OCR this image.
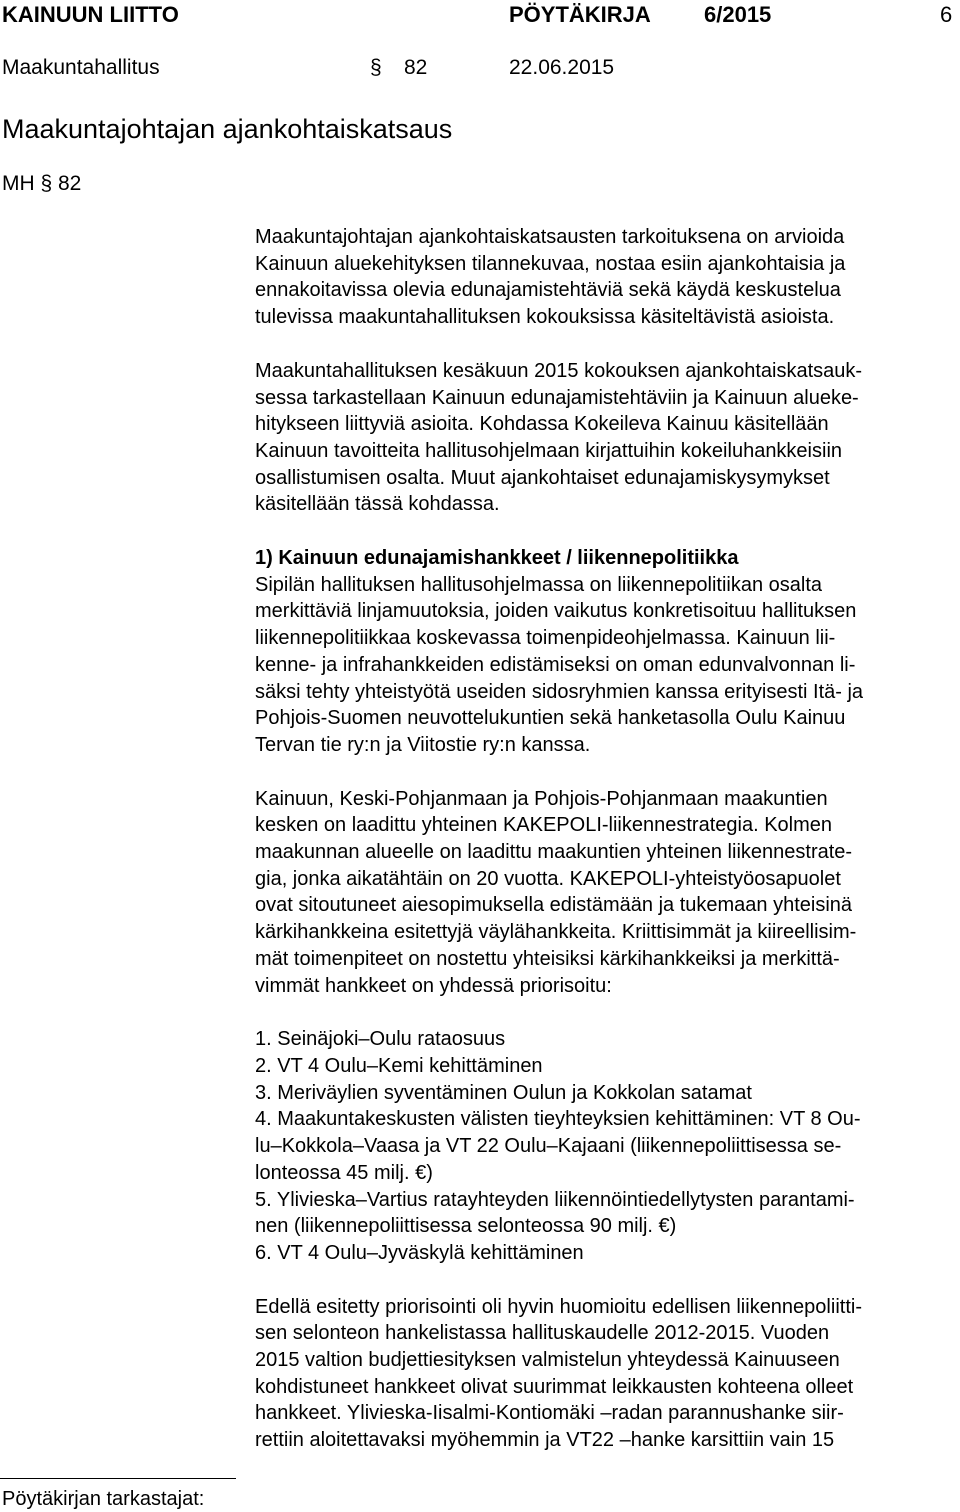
KAINUUN LIITTO	PÖYTÄKIRJA 6/2015	6
Maakuntahallitus	§ 82	22.06.2015
Maakuntajohtajan ajankohtaiskatsaus
MH § 82

Maakuntajohtajan ajankohtaiskatsausten tarkoituksena on arvioida

Kainuun aluekehityksen tilannekuvaa, nostaa esiin ajankohtaisia ja

ennakoitavissa olevia edunajamistehtäviä sekä käydä keskustelua

tulevissa maakuntahallituksen kokouksissa käsiteltävistä asioista.

Maakuntahallituksen kesäkuun 2015 kokouksen ajankohtaiskatsauk-

sessa tarkastellaan Kainuun edunajamistehtäviin ja Kainuun alueke-

hitykseen liittyviä asioita. Kohdassa Kokeileva Kainuu käsitellään

Kainuun tavoitteita hallitusohjelmaan kirjattuihin kokeiluhankkeisiin

osallistumisen osalta. Muut ajankohtaiset edunajamiskysymykset

käsitellään tässä kohdassa.

1) Kainuun edunajamishankkeet / liikennepolitiikka

Sipilän hallituksen hallitusohjelmassa on liikennepolitiikan osalta

merkittäviä linjamuutoksia, joiden vaikutus konkretisoituu hallituksen

liikennepolitiikkaa koskevassa toimenpideohjelmassa. Kainuun lii-

kenne- ja infrahankkeiden edistämiseksi on oman edunvalvonnan li-

säksi tehty yhteistyötä useiden sidosryhmien kanssa erityisesti Itä- ja

Pohjois-Suomen neuvottelukuntien sekä hanketasolla Oulu Kainuu

Tervan tie ry:n ja Viitostie ry:n kanssa.

Kainuun, Keski-Pohjanmaan ja Pohjois-Pohjanmaan maakuntien

kesken on laadittu yhteinen KAKEPOLI-liikennestrategia. Kolmen

maakunnan alueelle on laadittu maakuntien yhteinen liikennestrate-

gia, jonka aikatähtäin on 20 vuotta. KAKEPOLI-yhteistyöosapuolet

ovat sitoutuneet aiesopimuksella edistämään ja tukemaan yhteisinä

kärkihankkeina esitettyjä väylähankkeita. Kriittisimmät ja kiireellisim-

mät toimenpiteet on nostettu yhteisiksi kärkihankkeiksi ja merkittä-

vimmät hankkeet on yhdessä priorisoitu:

1. Seinäjoki–Oulu rataosuus

2. VT 4 Oulu–Kemi kehittäminen

3. Meriväylien syventäminen Oulun ja Kokkolan satamat

4. Maakuntakeskusten välisten tieyhteyksien kehittäminen: VT 8 Ou-

lu–Kokkola–Vaasa ja VT 22 Oulu–Kajaani (liikennepoliittisessa se-

lonteossa 45 milj. €)

5. Ylivieska–Vartius ratayhteyden liikennöintiedellytysten parantami-

nen (liikennepoliittisessa selonteossa 90 milj. €)

6. VT 4 Oulu–Jyväskylä kehittäminen

Edellä esitetty priorisointi oli hyvin huomioitu edellisen liikennepoliitti-

sen selonteon hankelistassa hallituskaudelle 2012-2015. Vuoden

2015 valtion budjettiesityksen valmistelun yhteydessä Kainuuseen

kohdistuneet hankkeet olivat suurimmat leikkausten kohteena olleet

hankkeet. Ylivieska-Iisalmi-Kontiomäki –radan parannushanke siir-

rettiin aloitettavaksi myöhemmin ja VT22 –hanke karsittiin vain 15

Pöytäkirjan tarkastajat:
